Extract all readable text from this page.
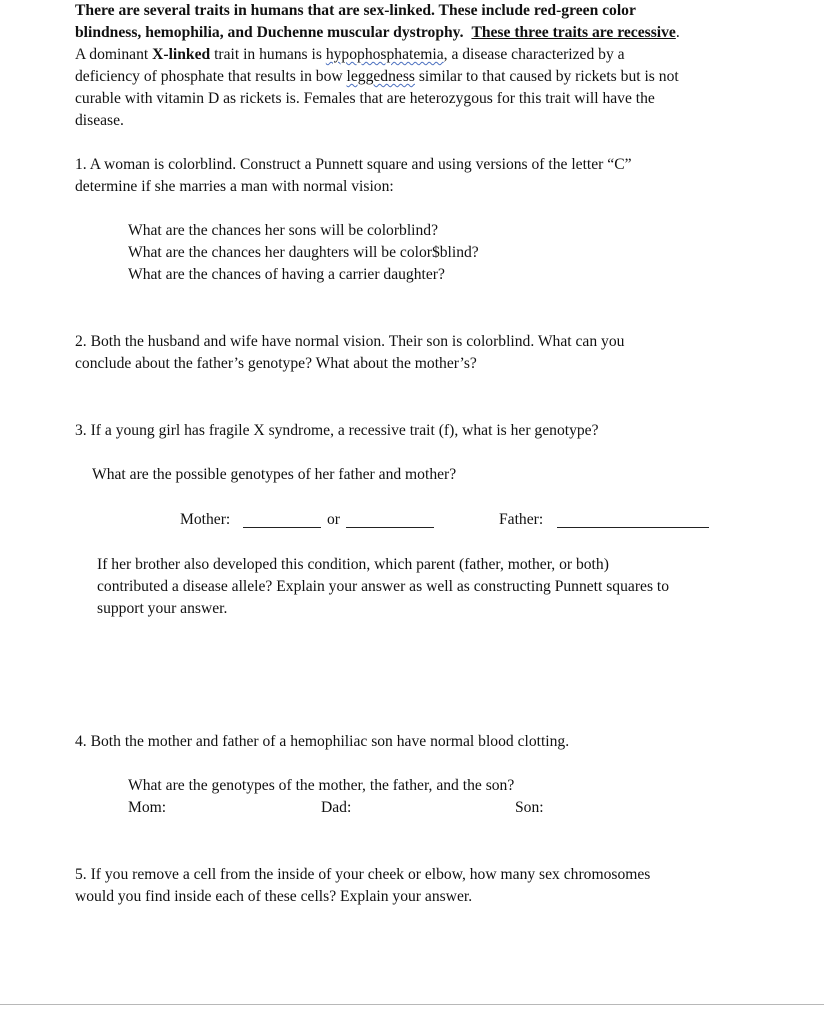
There are several traits in humans that are sex-linked. These include red-green color
blindness, hemophilia, and Duchenne muscular dystrophy. These three traits are recessive.
A dominant X-linked trait in humans is hypophosphatemia, a disease characterized by a
deficiency of phosphate that results in bow leggedness similar to that caused by rickets but is not
curable with vitamin D as rickets is. Females that are heterozygous for this trait will have the
disease.
1. A woman is colorblind. Construct a Punnett square and using versions of the letter “C”
determine if she marries a man with normal vision:
What are the chances her sons will be colorblind?
What are the chances her daughters will be color$blind?
What are the chances of having a carrier daughter?
2. Both the husband and wife have normal vision. Their son is colorblind. What can you
conclude about the father’s genotype? What about the mother’s?
3. If a young girl has fragile X syndrome, a recessive trait (f), what is her genotype?
What are the possible genotypes of her father and mother?
Mother:	or	Father:
If her brother also developed this condition, which parent (father, mother, or both)
contributed a disease allele? Explain your answer as well as constructing Punnett squares to
support your answer.
4. Both the mother and father of a hemophiliac son have normal blood clotting.
What are the genotypes of the mother, the father, and the son?
Mom:	Dad:	Son:
5. If you remove a cell from the inside of your cheek or elbow, how many sex chromosomes
would you find inside each of these cells? Explain your answer.
